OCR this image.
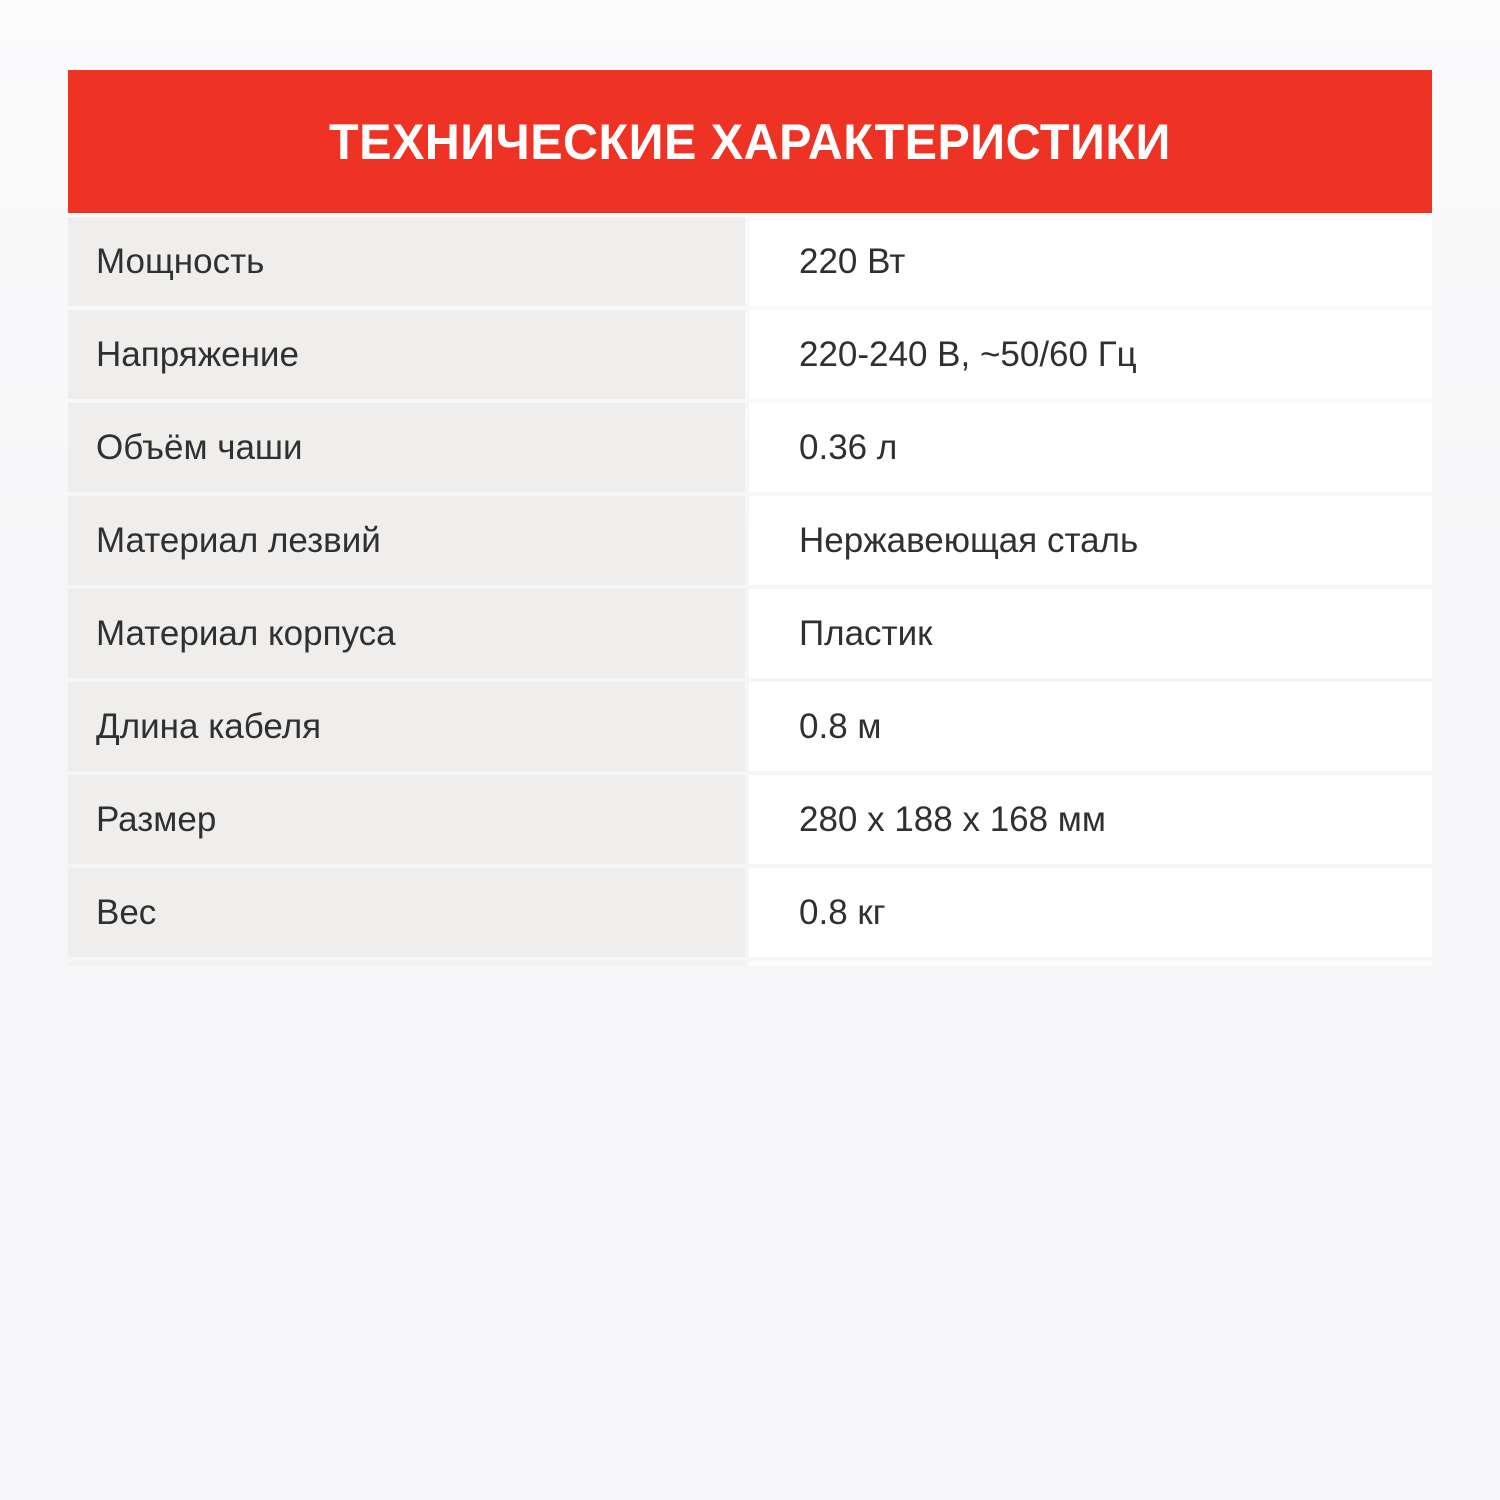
ТЕХНИЧЕСКИЕ ХАРАКТЕРИСТИКИ
Мощность	220 Вт
Напряжение	220-240 В, ~50/60 Гц
Объём чаши	0.36 л
Материал лезвий	Нержавеющая сталь
Материал корпуса	Пластик
Длина кабеля	0.8 м
Размер	280 x 188 x 168 мм
Вес	0.8 кг
